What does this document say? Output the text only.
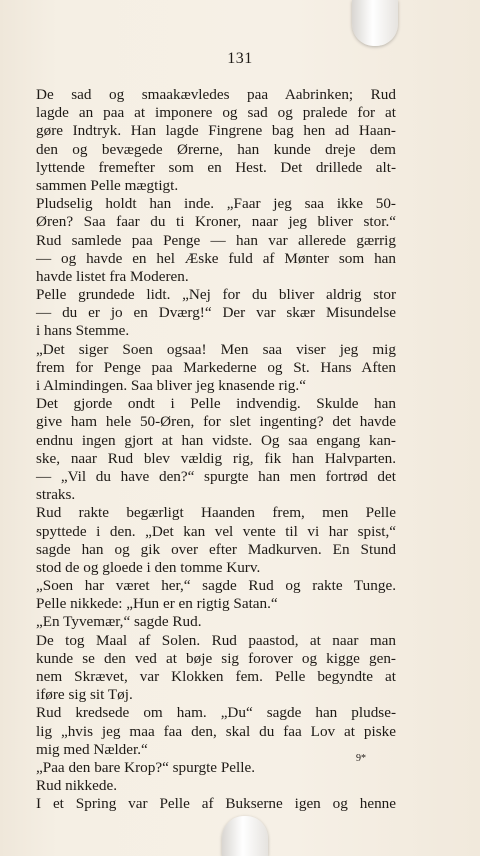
131
De sad og smaakævledes paa Aabrinken; Rud
lagde an paa at imponere og sad og pralede for at
gøre Indtryk. Han lagde Fingrene bag hen ad Haan-
den og bevægede Ørerne, han kunde dreje dem
lyttende fremefter som en Hest. Det drillede alt-
sammen Pelle mægtigt.
Pludselig holdt han inde. „Faar jeg saa ikke 50-
Øren? Saa faar du ti Kroner, naar jeg bliver stor.“
Rud samlede paa Penge — han var allerede gærrig
— og havde en hel Æske fuld af Mønter som han
havde listet fra Moderen.
Pelle grundede lidt. „Nej for du bliver aldrig stor
— du er jo en Dværg!“ Der var skær Misundelse
i hans Stemme.
„Det siger Soen ogsaa! Men saa viser jeg mig
frem for Penge paa Markederne og St. Hans Aften
i Almindingen. Saa bliver jeg knasende rig.“
Det gjorde ondt i Pelle indvendig. Skulde han
give ham hele 50-Øren, for slet ingenting? det havde
endnu ingen gjort at han vidste. Og saa engang kan-
ske, naar Rud blev vældig rig, fik han Halvparten.
— „Vil du have den?“ spurgte han men fortrød det
straks.
Rud rakte begærligt Haanden frem, men Pelle
spyttede i den. „Det kan vel vente til vi har spist,“
sagde han og gik over efter Madkurven. En Stund
stod de og gloede i den tomme Kurv.
„Soen har været her,“ sagde Rud og rakte Tunge.
Pelle nikkede: „Hun er en rigtig Satan.“
„En Tyvemær,“ sagde Rud.
De tog Maal af Solen. Rud paastod, at naar man
kunde se den ved at bøje sig forover og kigge gen-
nem Skrævet, var Klokken fem. Pelle begyndte at
iføre sig sit Tøj.
Rud kredsede om ham. „Du“ sagde han pludse-
lig „hvis jeg maa faa den, skal du faa Lov at piske
mig med Nælder.“
„Paa den bare Krop?“ spurgte Pelle.
Rud nikkede.
I et Spring var Pelle af Bukserne igen og henne
9*
